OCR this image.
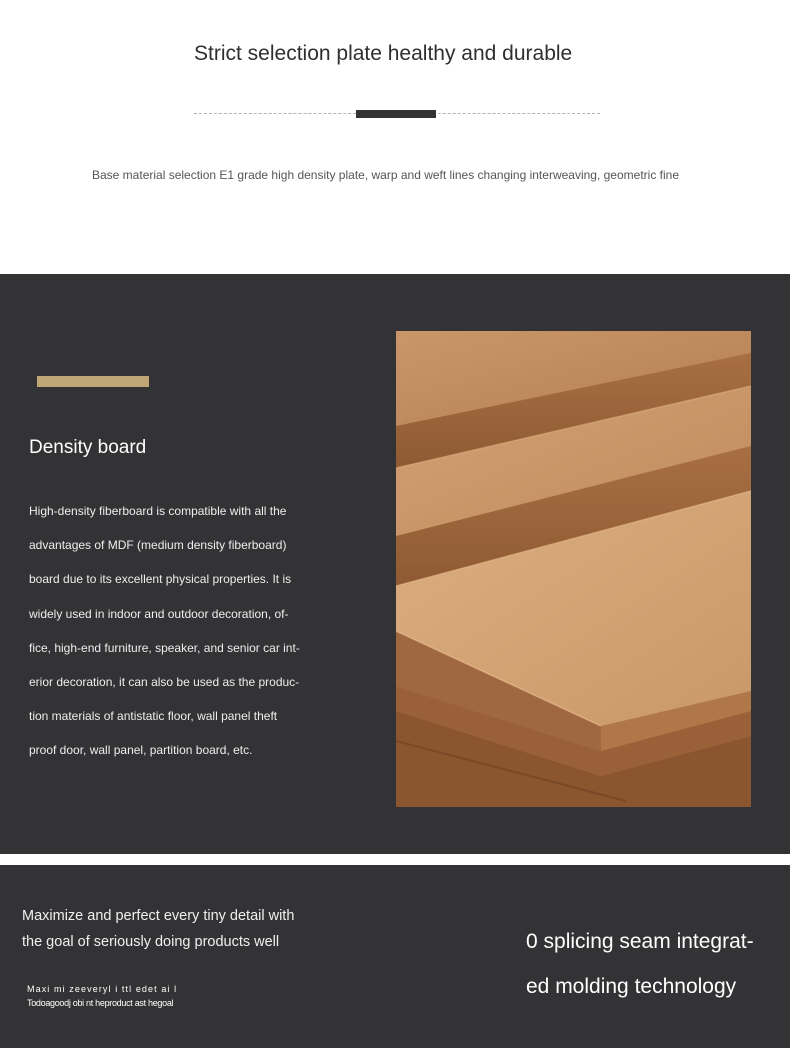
Strict selection plate healthy and durable
Base material selection E1 grade high density plate, warp and weft lines changing interweaving, geometric fine
Density board
High-density fiberboard is compatible with all the
advantages of MDF (medium density fiberboard)
board due to its excellent physical properties. It is
widely used in indoor and outdoor decoration, of-
fice, high-end furniture, speaker, and senior car int-
erior decoration, it can also be used as the produc-
tion materials of antistatic floor, wall panel theft
proof door, wall panel, partition board, etc.
Maximize and perfect every tiny detail with
the goal of seriously doing products well
Maxi mi zeeveryl i ttl edet ai l
Todoagoodj obi nt heproduct ast hegoal
0 splicing seam integrat-
ed molding technology
